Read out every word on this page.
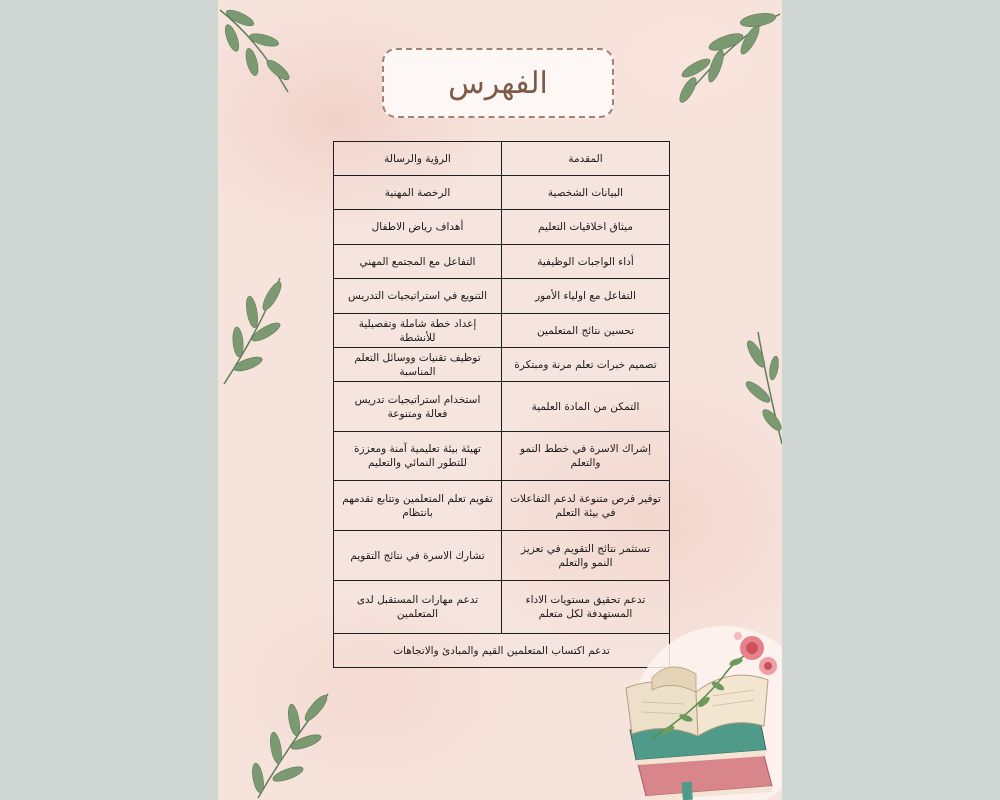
الفهرس
المقدمة	الرؤية والرسالة
البيانات الشخصية	الرخصة المهنية
ميثاق اخلاقيات التعليم	أهداف رياض الاطفال
أداء الواجبات الوظيفية	التفاعل مع المجتمع المهني
التفاعل مع اولياء الأمور	التنويع في استراتيجيات التدريس
تحسين نتائج المتعلمين	إعداد خطة شاملة وتفصيلية للأنشطة
تصميم خبرات تعلم مرنة ومبتكرة	توظيف تقنيات ووسائل التعلم المناسبة
التمكن من المادة العلمية	استخدام استراتيجيات تدريس فعالة ومتنوعة
إشراك الاسرة في خطط النمو والتعلم	تهيئة بيئة تعليمية آمنة ومعززة للتطور النمائي والتعليم
توفير فرص متنوعة لدعم التفاعلات في بيئة التعلم	تقويم تعلم المتعلمين وتتابع تقدمهم بانتظام
تستثمر نتائج التقويم في تعزيز النمو والتعلم	تشارك الاسرة في نتائج التقويم
تدعم تحقيق مستويات الاداء المستهدفة لكل متعلم	تدعم مهارات المستقبل لدى المتعلمين
تدعم اكتساب المتعلمين القيم والمبادئ والاتجاهات	
